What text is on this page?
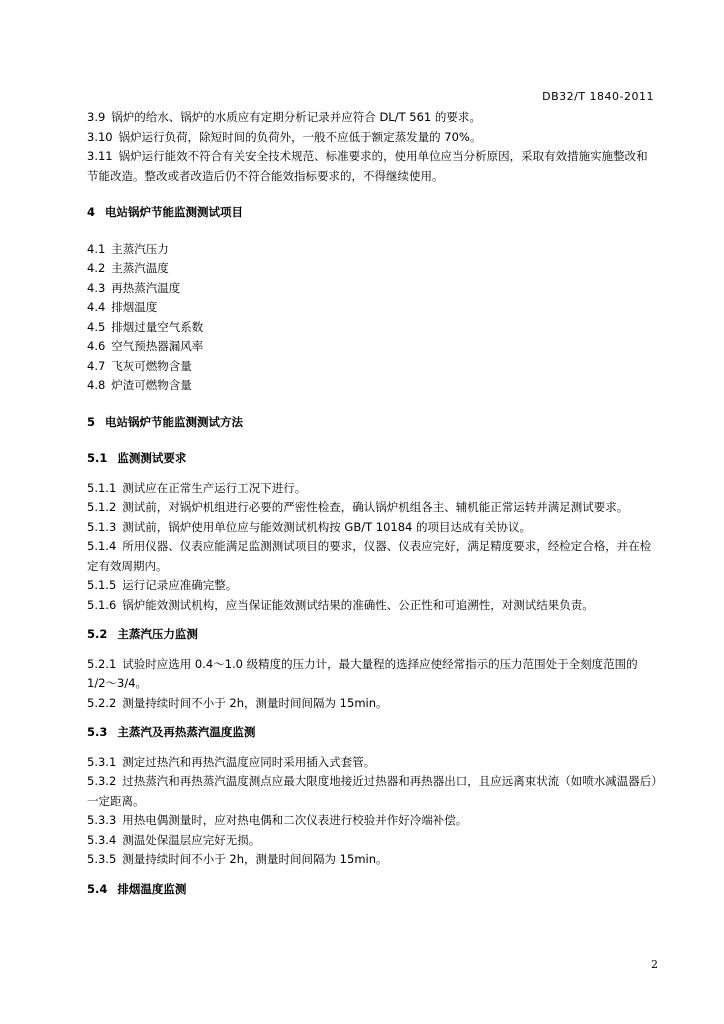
DB32/T 1840-2011

3.9 锅炉的给水、锅炉的水质应有定期分析记录并应符合 DL/T 561 的要求。

3.10 锅炉运行负荷，除短时间的负荷外，一般不应低于额定蒸发量的 70%。

3.11 锅炉运行能效不符合有关安全技术规范、标准要求的，使用单位应当分析原因，采取有效措施实施整改和节能改造。整改或者改造后仍不符合能效指标要求的，不得继续使用。

4 电站锅炉节能监测测试项目

4.1 主蒸汽压力

4.2 主蒸汽温度

4.3 再热蒸汽温度

4.4 排烟温度

4.5 排烟过量空气系数

4.6 空气预热器漏风率

4.7 飞灰可燃物含量

4.8 炉渣可燃物含量

5 电站锅炉节能监测测试方法

5.1 监测测试要求

5.1.1 测试应在正常生产运行工况下进行。

5.1.2 测试前，对锅炉机组进行必要的严密性检查，确认锅炉机组各主、辅机能正常运转并满足测试要求。

5.1.3 测试前，锅炉使用单位应与能效测试机构按 GB/T 10184 的项目达成有关协议。

5.1.4 所用仪器、仪表应能满足监测测试项目的要求，仪器、仪表应完好，满足精度要求，经检定合格，并在检定有效周期内。

5.1.5 运行记录应准确完整。

5.1.6 锅炉能效测试机构，应当保证能效测试结果的准确性、公正性和可追溯性，对测试结果负责。

5.2 主蒸汽压力监测

5.2.1 试验时应选用 0.4～1.0 级精度的压力计，最大量程的选择应使经常指示的压力范围处于全刻度范围的 1/2～3/4。

5.2.2 测量持续时间不小于 2h，测量时间间隔为 15min。

5.3 主蒸汽及再热蒸汽温度监测

5.3.1 测定过热汽和再热汽温度应同时采用插入式套管。

5.3.2 过热蒸汽和再热蒸汽温度测点应最大限度地接近过热器和再热器出口，且应远离束状流（如喷水减温器后）一定距离。

5.3.3 用热电偶测量时，应对热电偶和二次仪表进行校验并作好冷端补偿。

5.3.4 测温处保温层应完好无损。

5.3.5 测量持续时间不小于 2h，测量时间间隔为 15min。

5.4 排烟温度监测

2
